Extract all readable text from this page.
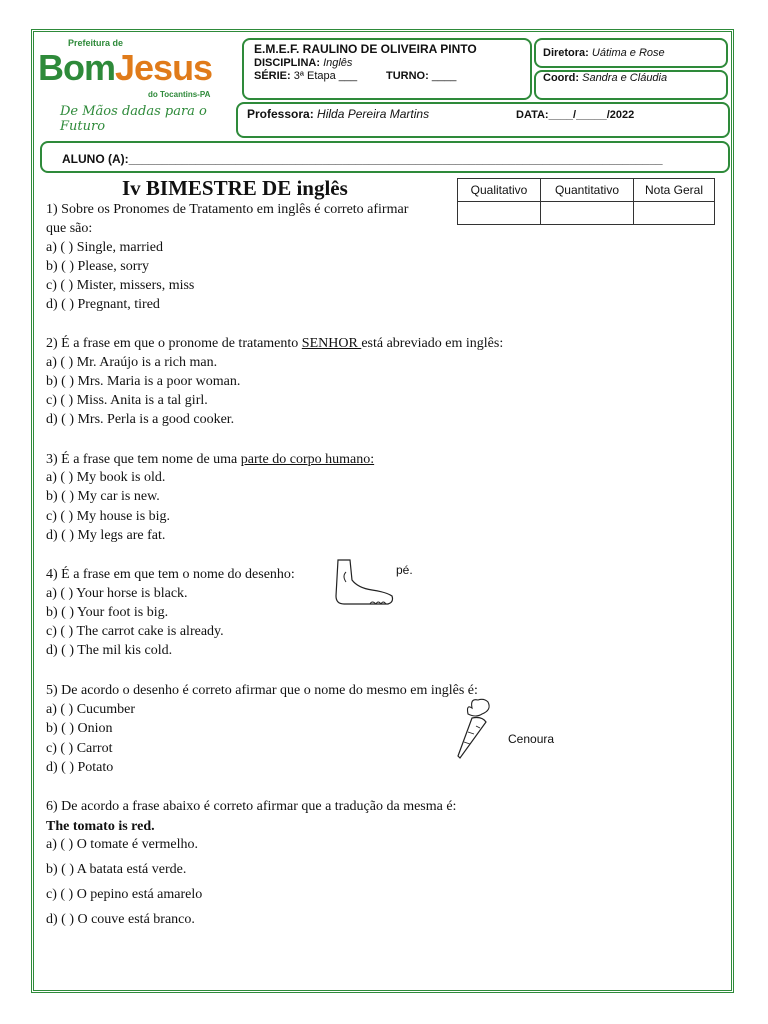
Prefeitura de
BomJesus
do Tocantins-PA
De Mãos dadas para o Futuro
E.M.E.F. RAULINO DE OLIVEIRA PINTO
DISCIPLINA: Inglês
SÉRIE: 3ª Etapa ___	TURNO: ____
Diretora: Uátima e Rose
Coord: Sandra e Cláudia
Professora: Hilda Pereira Martins	DATA:____/_____/2022
ALUNO (A):________________________________________________________________________________
Iv BIMESTRE DE inglês	Qualitativo	Quantitativo	Nota Geral

1) Sobre os Pronomes de Tratamento em inglês é correto afirmar
que são:
a) ( ) Single, married
b) ( ) Please, sorry
c) ( ) Mister, missers, miss
d) ( ) Pregnant, tired
2) É a frase em que o pronome de tratamento SENHOR está abreviado em inglês:
a) ( ) Mr. Araújo is a rich man.
b) ( ) Mrs. Maria is a poor woman.
c) ( ) Miss. Anita is a tal girl.
d) ( ) Mrs. Perla is a good cooker.
3) É a frase que tem nome de uma parte do corpo humano:
a) ( ) My book is old.
b) ( ) My car is new.
c) ( ) My house is big.
d) ( ) My legs are fat.
4) É a frase em que tem o nome do desenho:	pé.
a) ( ) Your horse is black.
b) ( ) Your foot is big.
c) ( ) The carrot cake is already.
d) ( ) The mil kis cold.
5) De acordo o desenho é correto afirmar que o nome do mesmo em inglês é:
Cenoura
a) ( ) Cucumber
b) ( ) Onion
c) ( ) Carrot
d) ( ) Potato
6) De acordo a frase abaixo é correto afirmar que a tradução da mesma é:
The tomato is red.
a) ( ) O tomate é vermelho.
b) ( ) A batata está verde.
c) ( ) O pepino está amarelo
d) ( ) O couve está branco.
